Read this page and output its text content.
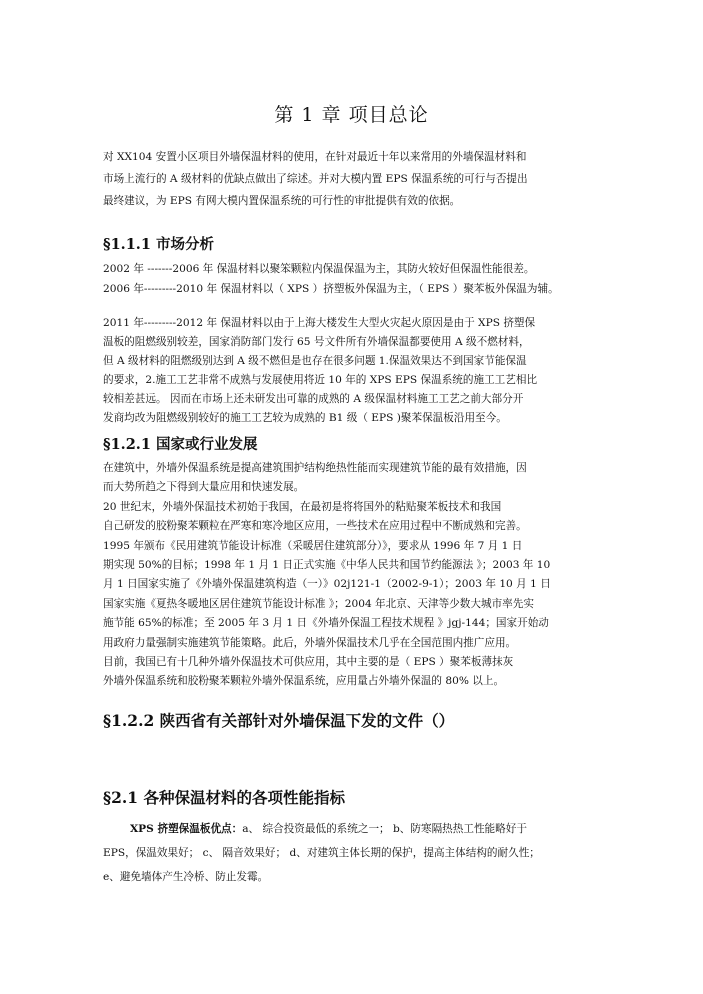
第 1 章 项目总论
对 XX104 安置小区项目外墙保温材料的使用，在针对最近十年以来常用的外墙保温材料和
市场上流行的 A 级材料的优缺点做出了综述。并对大模内置 EPS 保温系统的可行与否提出
最终建议，为 EPS 有网大模内置保温系统的可行性的审批提供有效的依据。
§1.1.1 市场分析
2002 年 -------2006 年 保温材料以聚笨颗粒内保温保温为主，其防火较好但保温性能很差。
2006 年---------2010 年 保温材料以（ XPS ）挤塑板外保温为主，（ EPS ）聚苯板外保温为辅。
2011 年---------2012 年 保温材料以由于上海大楼发生大型火灾起火原因是由于 XPS 挤塑保
温板的阻燃级别较差，国家消防部门发行 65 号文件所有外墙保温都要使用 A 级不燃材料，
但 A 级材料的阻燃级别达到 A 级不燃但是也存在很多问题 1.保温效果达不到国家节能保温
的要求，2.施工工艺非常不成熟与发展使用将近 10 年的 XPS EPS 保温系统的施工工艺相比
较相差甚远。 因而在市场上还未研发出可靠的成熟的 A 级保温材料施工工艺之前大部分开
发商均改为阻燃级别较好的施工工艺较为成熟的 B1 级（ EPS )聚苯保温板沿用至今。
§1.2.1 国家或行业发展
在建筑中，外墙外保温系统是提高建筑围护结构绝热性能而实现建筑节能的最有效措施，因
而大势所趋之下得到大量应用和快速发展。
20 世纪末，外墙外保温技术初始于我国，在最初是将将国外的粘贴聚苯板技术和我国
自己研发的胶粉聚苯颗粒在严寒和寒冷地区应用，一些技术在应用过程中不断成熟和完善。
1995 年颁布《民用建筑节能设计标准（采暖居住建筑部分）》，要求从 1996 年 7 月 1 日
期实现 50%的目标；1998 年 1 月 1 日正式实施《中华人民共和国节约能源法 》；2003 年 10
月 1 日国家实施了《外墙外保温建筑构造（一）》02j121-1（2002-9-1）；2003 年 10 月 1 日
国家实施《夏热冬暖地区居住建筑节能设计标准 》；2004 年北京、天津等少数大城市率先实
施节能 65%的标准；至 2005 年 3 月 1 日《外墙外保温工程技术规程 》jgj-144；国家开始动
用政府力量强制实施建筑节能策略。此后，外墙外保温技术几乎在全国范围内推广应用。
目前，我国已有十几种外墙外保温技术可供应用，其中主要的是（ EPS ）聚苯板薄抹灰
外墙外保温系统和胶粉聚苯颗粒外墙外保温系统，应用量占外墙外保温的 80% 以上。
§1.2.2 陕西省有关部针对外墙保温下发的文件（）
§2.1 各种保温材料的各项性能指标
XPS 挤塑保温板优点：a、 综合投资最低的系统之一； b、防寒隔热热工性能略好于
EPS，保温效果好； c、 隔音效果好； d、对建筑主体长期的保护，提高主体结构的耐久性；
e、避免墙体产生冷桥、防止发霉。
